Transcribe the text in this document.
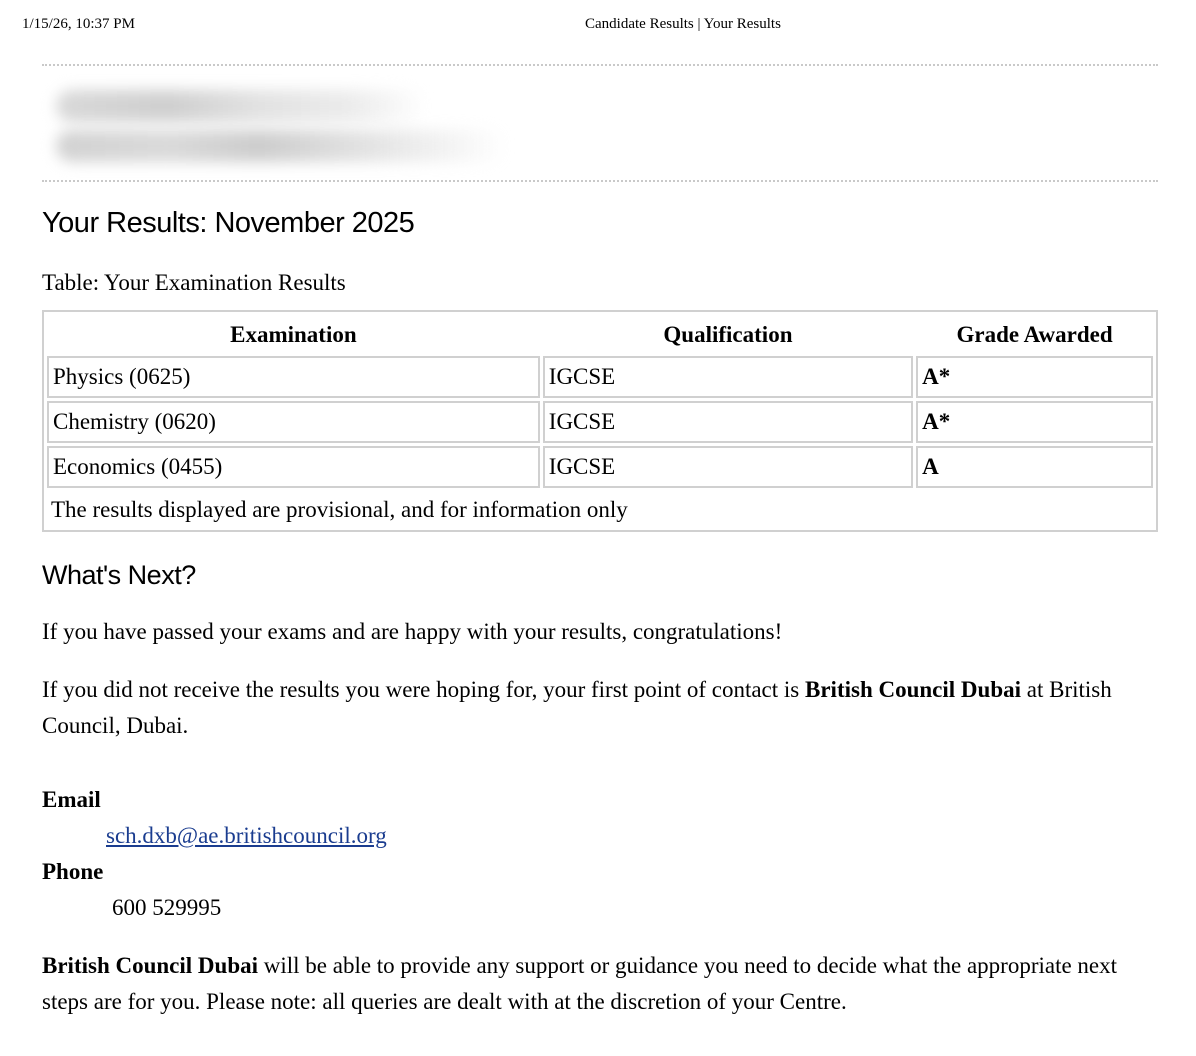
1/15/26, 10:37 PM	Candidate Results | Your Results
Your Results: November 2025
Table: Your Examination Results
Examination	Qualification	Grade Awarded
Physics (0625)	IGCSE	A*
Chemistry (0620)	IGCSE	A*
Economics (0455)	IGCSE	A
The results displayed are provisional, and for information only		
What's Next?

If you have passed your exams and are happy with your results, congratulations!

If you did not receive the results you were hoping for, your first point of contact is British Council Dubai at British Council, Dubai.

Email
sch.dxb@ae.britishcouncil.org
Phone
600 529995

British Council Dubai will be able to provide any support or guidance you need to decide what the appropriate next steps are for you. Please note: all queries are dealt with at the discretion of your Centre.
